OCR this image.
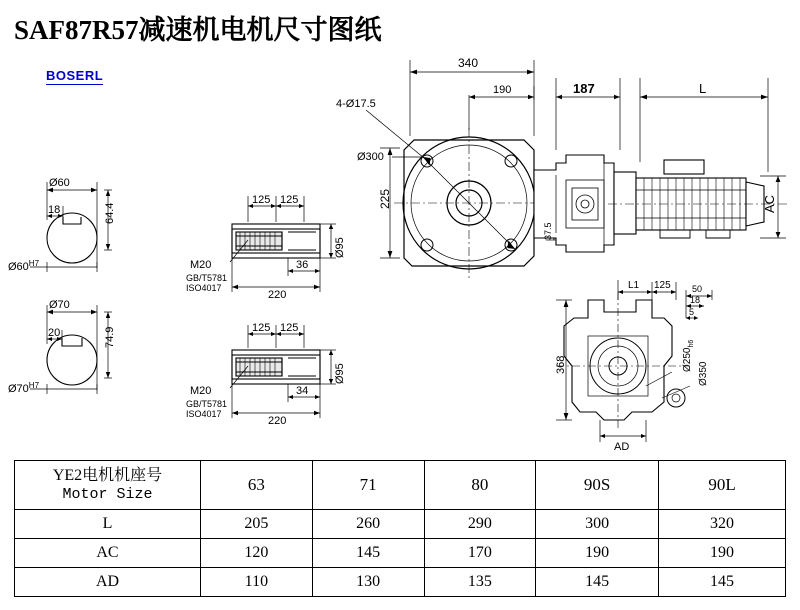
SAF87R57减速机电机尺寸图纸
BOSERL
Ø60
18	64.4
$Ø60^{H7}$
Ø70
20	74.9
$Ø70^{H7}$
125 125
36
220
Ø95
M20
GB/T5781
ISO4017
125 125
34
220
Ø95
M20
GB/T5781
ISO4017
340
190	187	L
4-Ø17.5
Ø300
225
37.5
AC
368
L1 125 50
18
5
$Ø250_{h6}$
Ø350
AD
YE2电机机座号
Motor Size	63	71	80	90S	90L
L	205	260	290	300	320
AC	120	145	170	190	190
AD	110	130	135	145	145
